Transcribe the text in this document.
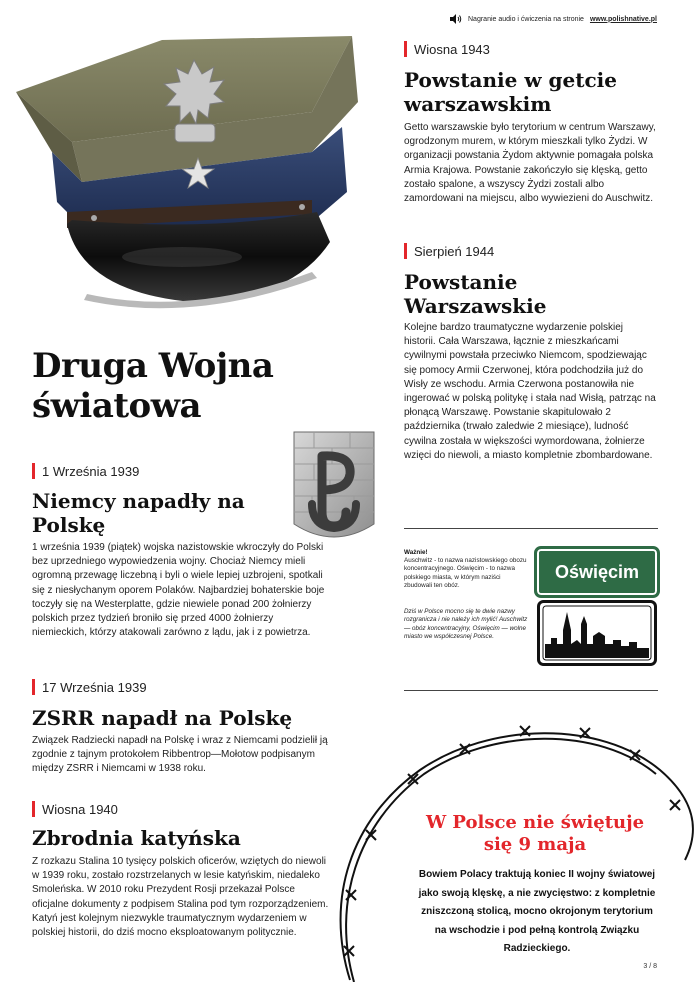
Nagranie audio i ćwiczenia na stronie www.polishnative.pl
Druga Wojna światowa
1 Września 1939
Niemcy napadły na Polskę
1 września 1939 (piątek) wojska nazistowskie wkroczyły do Polski bez uprzedniego wypowiedzenia wojny. Chociaż Niemcy mieli ogromną przewagę liczebną i byli o wiele lepiej uzbrojeni, spotkali się z niesłychanym oporem Polaków. Najbardziej bohaterskie boje toczyły się na Westerplatte, gdzie niewiele ponad 200 żołnierzy polskich przez tydzień broniło się przed 4000 żołnierzy niemieckich, którzy atakowali zarówno z lądu, jak i z powietrza.
17 Września 1939
ZSRR napadł na Polskę
Związek Radziecki napadł na Polskę i wraz z Niemcami podzielił ją zgodnie z tajnym protokołem Ribbentrop—Mołotow podpisanym między ZSRR i Niemcami w 1938 roku.
Wiosna 1940
Zbrodnia katyńska
Z rozkazu Stalina 10 tysięcy polskich oficerów, wziętych do niewoli w 1939 roku, zostało rozstrzelanych w lesie katyńskim, niedaleko Smoleńska. W 2010 roku Prezydent Rosji przekazał Polsce oficjalne dokumenty z podpisem Stalina pod tym rozporządzeniem. Katyń jest kolejnym niezwykle traumatycznym wydarzeniem w polskiej historii, do dziś mocno eksploatowanym politycznie.
Wiosna 1943
Powstanie w getcie warszawskim
Getto warszawskie było terytorium w centrum Warszawy, ogrodzonym murem, w którym mieszkali tylko Żydzi. W organizacji powstania Żydom aktywnie pomagała polska Armia Krajowa. Powstanie zakończyło się klęską, getto zostało spalone, a wszyscy Żydzi zostali albo zamordowani na miejscu, albo wywiezieni do Auschwitz.
Sierpień 1944
Powstanie Warszawskie
Kolejne bardzo traumatyczne wydarzenie polskiej historii. Cała Warszawa, łącznie z mieszkańcami cywilnymi powstała przeciwko Niemcom, spodziewając się pomocy Armii Czerwonej, która podchodziła już do Wisły ze wschodu. Armia Czerwona postanowiła nie ingerować w polską politykę i stała nad Wisłą, patrząc na płonącą Warszawę. Powstanie skapitulowało 2 października (trwało zaledwie 2 miesiące), ludność cywilna została w większości wymordowana, żołnierze wzięci do niewoli, a miasto kompletnie zbombardowane.
Ważnie!
Auschwitz - to nazwa nazistowskiego obozu koncentracyjnego. Oświęcim - to nazwa polskiego miasta, w którym naziści zbudowali ten obóz.
Dziś w Polsce mocno się te dwie nazwy rozgranicza i nie należy ich mylić! Auschwitz — obóz koncentracyjny, Oświęcim — wolne miasto we współczesnej Polsce.
Oświęcim
W Polsce nie świętuje się 9 maja
Bowiem Polacy traktują koniec II wojny światowej jako swoją klęskę, a nie zwycięstwo: z kompletnie zniszczoną stolicą, mocno okrojonym terytorium na wschodzie i pod pełną kontrolą Związku Radzieckiego.
3 / 8
